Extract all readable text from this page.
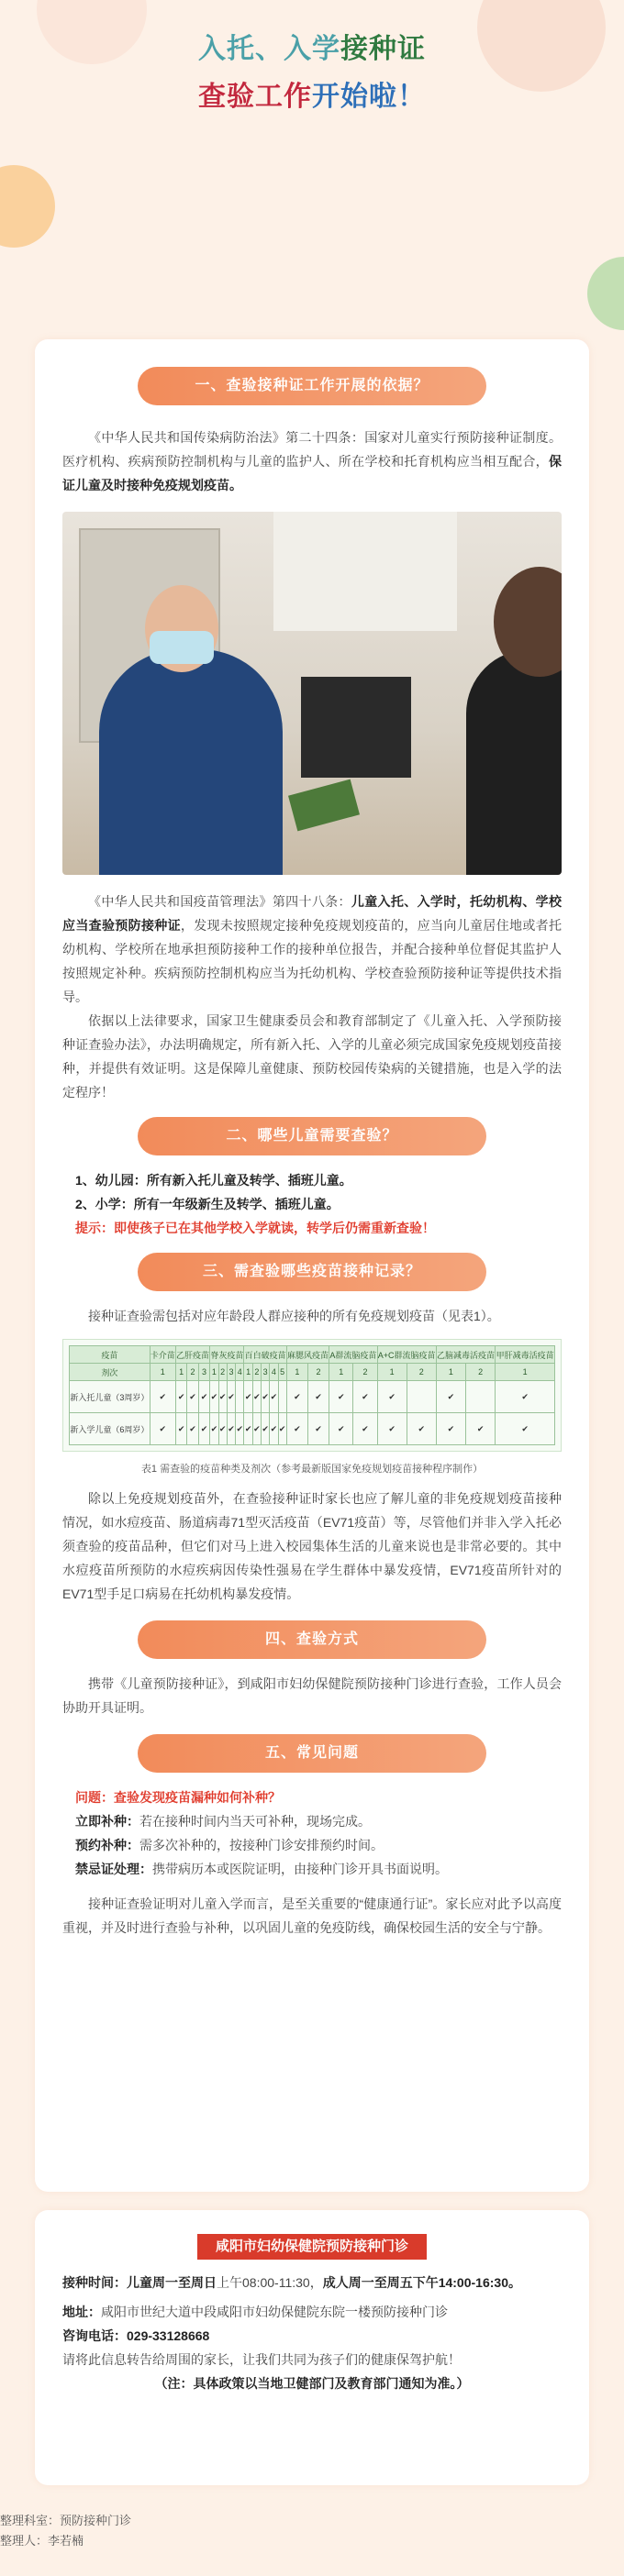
入托、入学接种证
查验工作开始啦！
一、查验接种证工作开展的依据？

《中华人民共和国传染病防治法》第二十四条：国家对儿童实行预防接种证制度。医疗机构、疾病预防控制机构与儿童的监护人、所在学校和托育机构应当相互配合，保证儿童及时接种免疫规划疫苗。

《中华人民共和国疫苗管理法》第四十八条：儿童入托、入学时，托幼机构、学校应当查验预防接种证，发现未按照规定接种免疫规划疫苗的，应当向儿童居住地或者托幼机构、学校所在地承担预防接种工作的接种单位报告，并配合接种单位督促其监护人按照规定补种。疾病预防控制机构应当为托幼机构、学校查验预防接种证等提供技术指导。

依据以上法律要求，国家卫生健康委员会和教育部制定了《儿童入托、入学预防接种证查验办法》，办法明确规定，所有新入托、入学的儿童必须完成国家免疫规划疫苗接种，并提供有效证明。这是保障儿童健康、预防校园传染病的关键措施，也是入学的法定程序！

二、哪些儿童需要查验？

1、幼儿园：所有新入托儿童及转学、插班儿童。

2、小学：所有一年级新生及转学、插班儿童。

提示：即使孩子已在其他学校入学就读，转学后仍需重新查验！

三、需查验哪些疫苗接种记录？

接种证查验需包括对应年龄段人群应接种的所有免疫规划疫苗（见表1）。

疫苗	卡介苗	乙肝疫苗			脊灰疫苗				百白破疫苗					麻腮风疫苗		A群流脑疫苗		A+C群流脑疫苗		乙脑减毒活疫苗		甲肝减毒活疫苗
剂次	1	1	2	3	1	2	3	4	1	2	3	4	5	1	2	1	2	1	2	1	2	1
新入托儿童（3周岁）	✔	✔	✔	✔	✔	✔	✔		✔	✔	✔	✔		✔	✔	✔	✔	✔		✔		✔
新入学儿童（6周岁）	✔	✔	✔	✔	✔	✔	✔	✔	✔	✔	✔	✔	✔	✔	✔	✔	✔	✔	✔	✔	✔	✔

表1 需查验的疫苗种类及剂次（参考最新版国家免疫规划疫苗接种程序制作）

除以上免疫规划疫苗外，在查验接种证时家长也应了解儿童的非免疫规划疫苗接种情况，如水痘疫苗、肠道病毒71型灭活疫苗（EV71疫苗）等，尽管他们并非入学入托必须查验的疫苗品种，但它们对马上进入校园集体生活的儿童来说也是非常必要的。其中水痘疫苗所预防的水痘疾病因传染性强易在学生群体中暴发疫情，EV71疫苗所针对的EV71型手足口病易在托幼机构暴发疫情。

四、查验方式

携带《儿童预防接种证》，到咸阳市妇幼保健院预防接种门诊进行查验，工作人员会协助开具证明。

五、常见问题

问题：查验发现疫苗漏种如何补种？

立即补种：若在接种时间内当天可补种，现场完成。

预约补种：需多次补种的，按接种门诊安排预约时间。

禁忌证处理：携带病历本或医院证明，由接种门诊开具书面说明。

接种证查验证明对儿童入学而言，是至关重要的“健康通行证”。家长应对此予以高度重视，并及时进行查验与补种，以巩固儿童的免疫防线，确保校园生活的安全与宁静。

咸阳市妇幼保健院预防接种门诊

接种时间：儿童周一至周日上午08:00-11:30，成人周一至周五下午14:00-16:30。

地址：咸阳市世纪大道中段咸阳市妇幼保健院东院一楼预防接种门诊

咨询电话：029-33128668

请将此信息转告给周围的家长，让我们共同为孩子们的健康保驾护航！

（注：具体政策以当地卫健部门及教育部门通知为准。）

整理科室：预防接种门诊

整理人：李若楠
